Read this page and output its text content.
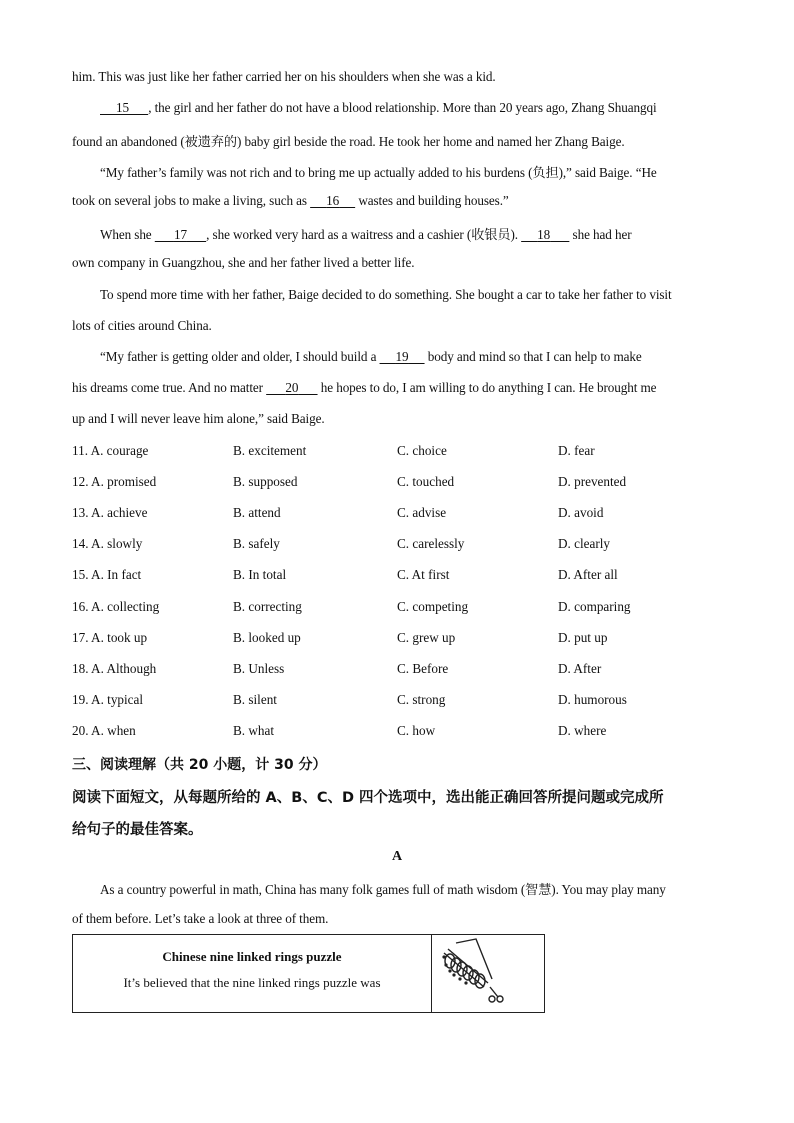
him. This was just like her father carried her on his shoulders when she was a kid.
15 , the girl and her father do not have a blood relationship. More than 20 years ago, Zhang Shuangqi
found an abandoned (被遗弃的) baby girl beside the road. He took her home and named her Zhang Baige.
“My father’s family was not rich and to bring me up actually added to his burdens (负担),” said Baige. “He
took on several jobs to make a living, such as 16 wastes and building houses.”
When she 17 , she worked very hard as a waitress and a cashier (收银员). 18 she had her
own company in Guangzhou, she and her father lived a better life.
To spend more time with her father, Baige decided to do something. She bought a car to take her father to visit
lots of cities around China.
“My father is getting older and older, I should build a 19 body and mind so that I can help to make
his dreams come true. And no matter 20 he hopes to do, I am willing to do anything I can. He brought me
up and I will never leave him alone,” said Baige.
11. A. courage	B. excitement	C. choice	D. fear
12. A. promised	B. supposed	C. touched	D. prevented
13. A. achieve	B. attend	C. advise	D. avoid
14. A. slowly	B. safely	C. carelessly	D. clearly
15. A. In fact	B. In total	C. At first	D. After all
16. A. collecting	B. correcting	C. competing	D. comparing
17. A. took up	B. looked up	C. grew up	D. put up
18. A. Although	B. Unless	C. Before	D. After
19. A. typical	B. silent	C. strong	D. humorous
20. A. when	B. what	C. how	D. where
三、阅读理解（共 20 小题，计 30 分）
阅读下面短文，从每题所给的 A、B、C、D 四个选项中，选出能正确回答所提问题或完成所
给句子的最佳答案。
A
As a country powerful in math, China has many folk games full of math wisdom (智慧). You may play many
of them before. Let’s take a look at three of them.
Chinese nine linked rings puzzle
It’s believed that the nine linked rings puzzle was
